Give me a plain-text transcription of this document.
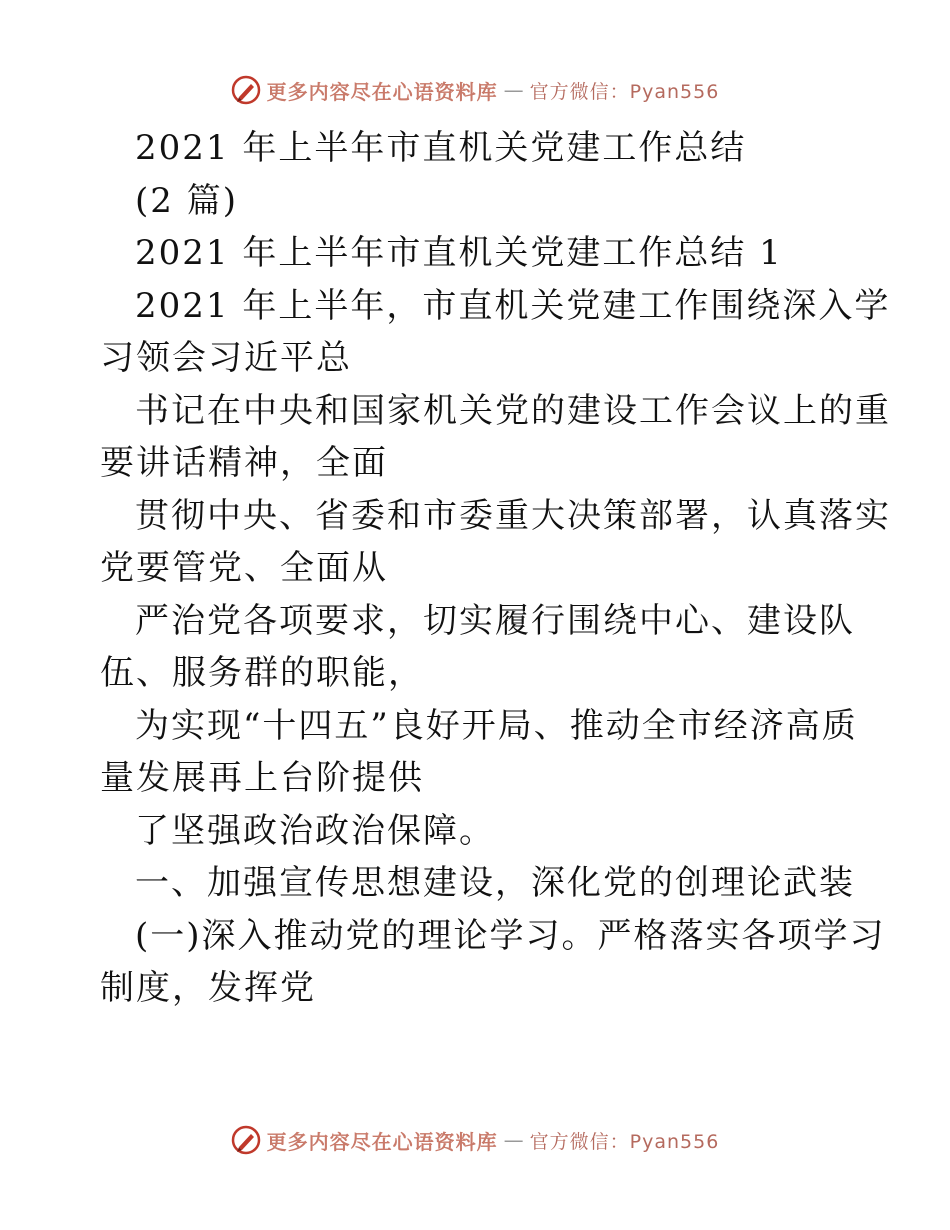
更多内容尽在心语资料库 — 官方微信：Pyan556
2021 年上半年市直机关党建工作总结
(2 篇)
2021 年上半年市直机关党建工作总结 1
2021 年上半年，市直机关党建工作围绕深入学
习领会习近平总
书记在中央和国家机关党的建设工作会议上的重
要讲话精神，全面
贯彻中央、省委和市委重大决策部署，认真落实
党要管党、全面从
严治党各项要求，切实履行围绕中心、建设队
伍、服务群的职能，
为实现“十四五”良好开局、推动全市经济高质
量发展再上台阶提供
了坚强政治政治保障。
一、加强宣传思想建设，深化党的创理论武装
(一)深入推动党的理论学习。严格落实各项学习
制度，发挥党
更多内容尽在心语资料库 — 官方微信：Pyan556
